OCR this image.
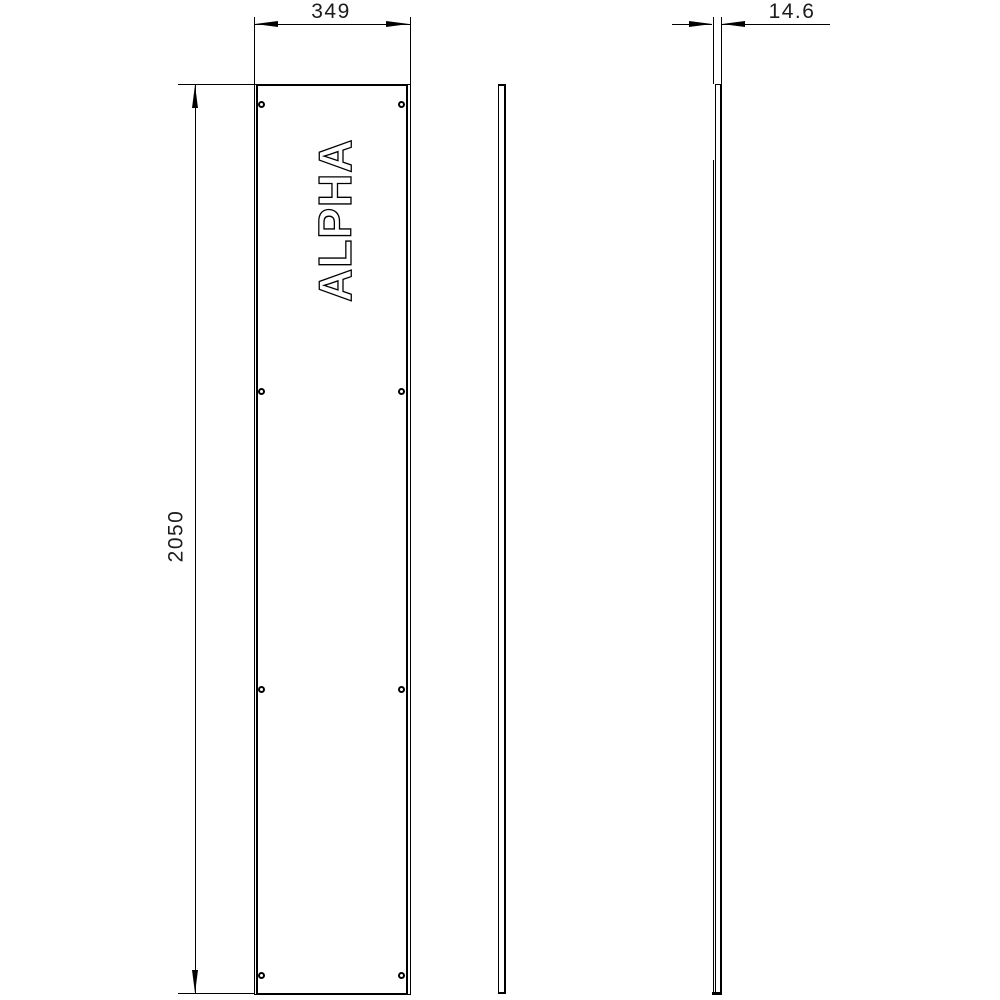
ALPHA
349
2050
14.6
